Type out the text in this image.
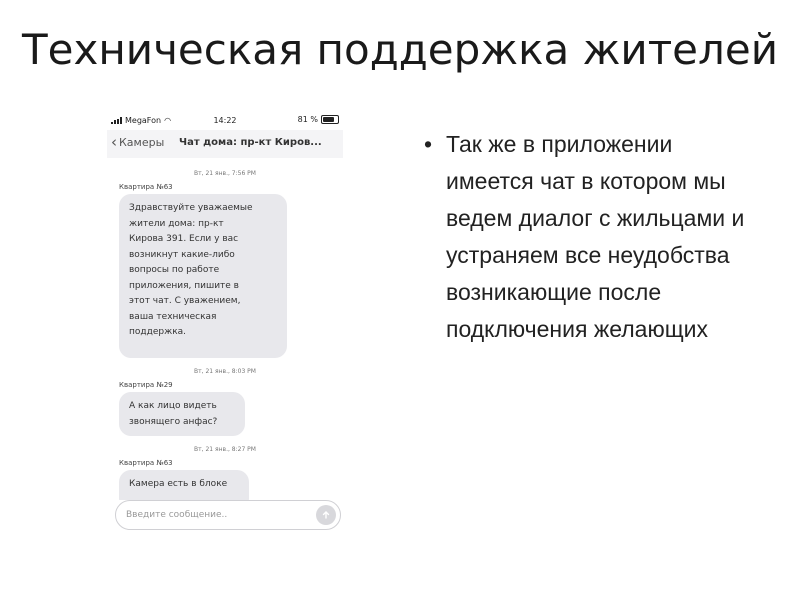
Техническая поддержка жителей
MegaFon ◠	14:22	81 %
‹ Камеры Чат дома: пр-кт Киров...
Вт, 21 янв., 7:56 PM
Квартира №63
Здравствуйте уважаемые
жители дома: пр-кт
Кирова 391. Если у вас
возникнут какие-либо
вопросы по работе
приложения, пишите в
этот чат. С уважением,
ваша техническая
поддержка.
Вт, 21 янв., 8:03 PM
Квартира №29
А как лицо видеть
звонящего анфас?
Вт, 21 янв., 8:27 PM
Квартира №63
Камера есть в блоке
Введите сообщение..
• Так же в приложении имеется чат в котором мы ведем диалог с жильцами и устраняем все неудобства возникающие после подключения желающих
